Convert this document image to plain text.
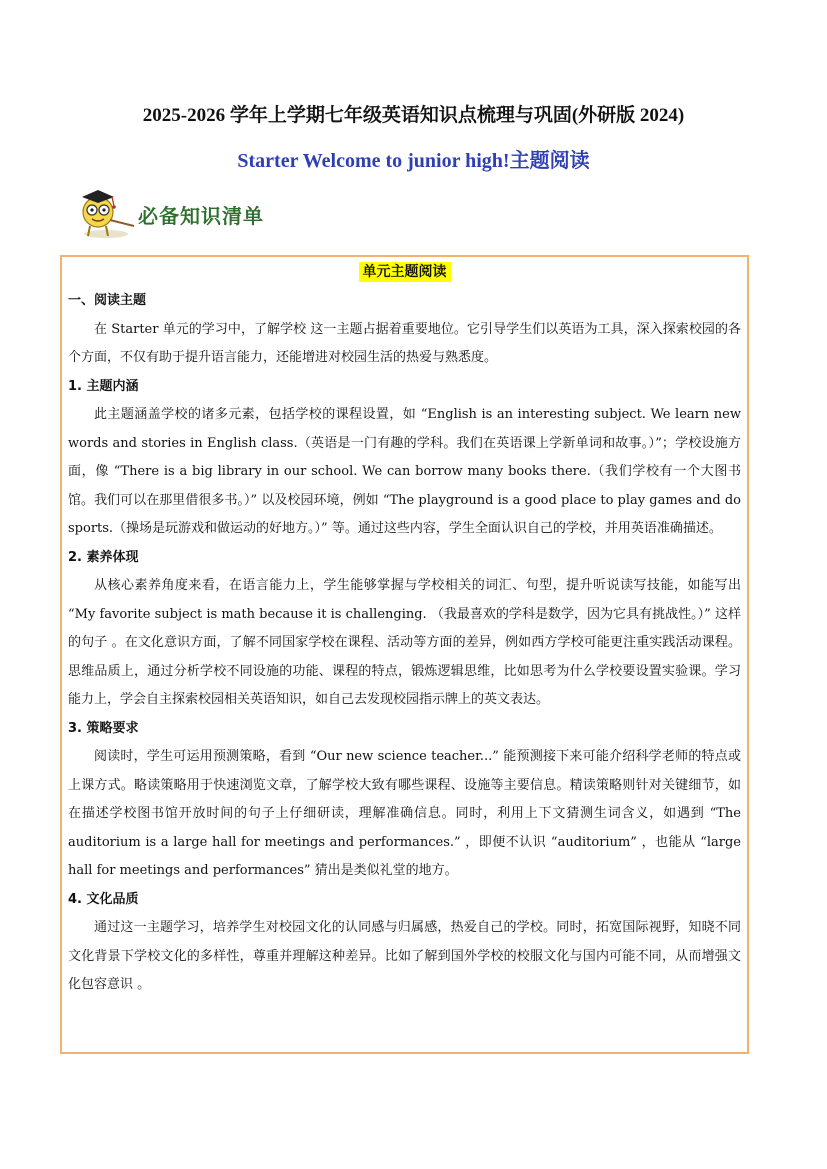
2025-2026 学年上学期七年级英语知识点梳理与巩固(外研版 2024)
Starter Welcome to junior high!主题阅读
必备知识清单
单元主题阅读
一、阅读主题

在 Starter 单元的学习中，了解学校 这一主题占据着重要地位。它引导学生们以英语为工具，深入探索校园的各个方面，不仅有助于提升语言能力，还能增进对校园生活的热爱与熟悉度。

1. 主题内涵

此主题涵盖学校的诸多元素，包括学校的课程设置，如 “English is an interesting subject. We learn new words and stories in English class.（英语是一门有趣的学科。我们在英语课上学新单词和故事。）”；学校设施方面，像 “There is a big library in our school. We can borrow many books there.（我们学校有一个大图书馆。我们可以在那里借很多书。）” 以及校园环境，例如 “The playground is a good place to play games and do sports.（操场是玩游戏和做运动的好地方。）” 等。通过这些内容，学生全面认识自己的学校，并用英语准确描述。

2. 素养体现

从核心素养角度来看，在语言能力上，学生能够掌握与学校相关的词汇、句型，提升听说读写技能，如能写出 “My favorite subject is math because it is challenging. （我最喜欢的学科是数学，因为它具有挑战性。）” 这样的句子 。在文化意识方面，了解不同国家学校在课程、活动等方面的差异，例如西方学校可能更注重实践活动课程。思维品质上，通过分析学校不同设施的功能、课程的特点，锻炼逻辑思维，比如思考为什么学校要设置实验课。学习能力上，学会自主探索校园相关英语知识，如自己去发现校园指示牌上的英文表达。

3. 策略要求

阅读时，学生可运用预测策略，看到 “Our new science teacher...” 能预测接下来可能介绍科学老师的特点或上课方式。略读策略用于快速浏览文章，了解学校大致有哪些课程、设施等主要信息。精读策略则针对关键细节，如在描述学校图书馆开放时间的句子上仔细研读，理解准确信息。同时，利用上下文猜测生词含义，如遇到 “The auditorium is a large hall for meetings and performances.” ，即便不认识 “auditorium” ，也能从 “large hall for meetings and performances” 猜出是类似礼堂的地方。

4. 文化品质

通过这一主题学习，培养学生对校园文化的认同感与归属感，热爱自己的学校。同时，拓宽国际视野，知晓不同文化背景下学校文化的多样性，尊重并理解这种差异。比如了解到国外学校的校服文化与国内可能不同，从而增强文化包容意识 。
